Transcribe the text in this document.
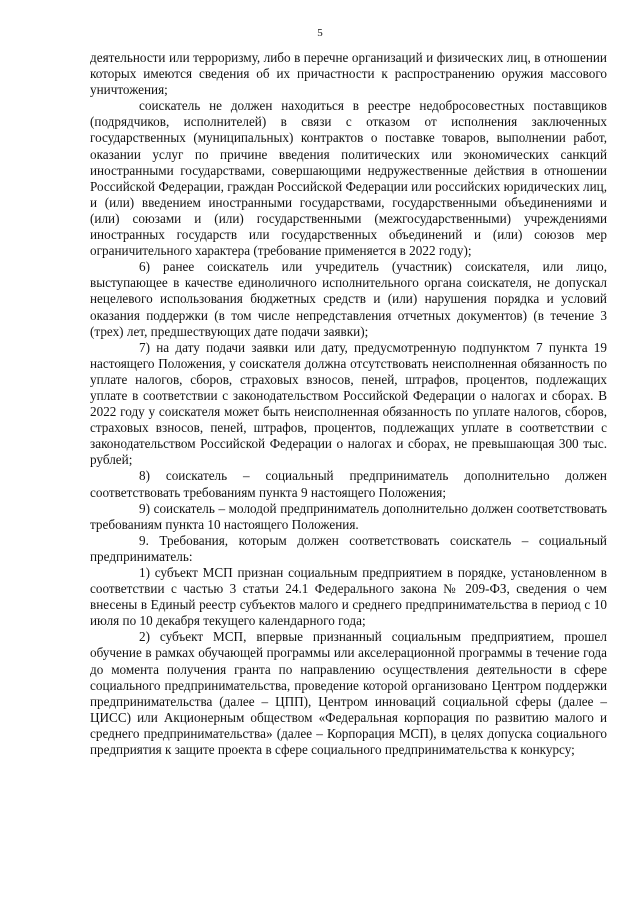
5

деятельности или терроризму, либо в перечне организаций и физических лиц, в отношении которых имеются сведения об их причастности к распространению оружия массового уничтожения;

соискатель не должен находиться в реестре недобросовестных поставщиков (подрядчиков, исполнителей) в связи с отказом от исполнения заключенных государственных (муниципальных) контрактов о поставке товаров, выполнении работ, оказании услуг по причине введения политических или экономических санкций иностранными государствами, совершающими недружественные действия в отношении Российской Федерации, граждан Российской Федерации или российских юридических лиц, и (или) введением иностранными государствами, государственными объединениями и (или) союзами и (или) государственными (межгосударственными) учреждениями иностранных государств или государственных объединений и (или) союзов мер ограничительного характера (требование применяется в 2022 году);

6) ранее соискатель или учредитель (участник) соискателя, или лицо, выступающее в качестве единоличного исполнительного органа соискателя, не допускал нецелевого использования бюджетных средств и (или) нарушения порядка и условий оказания поддержки (в том числе непредставления отчетных документов) (в течение 3 (трех) лет, предшествующих дате подачи заявки);

7) на дату подачи заявки или дату, предусмотренную подпунктом 7 пункта 19 настоящего Положения, у соискателя должна отсутствовать неисполненная обязанность по уплате налогов, сборов, страховых взносов, пеней, штрафов, процентов, подлежащих уплате в соответствии с законодательством Российской Федерации о налогах и сборах. В 2022 году у соискателя может быть неисполненная обязанность по уплате налогов, сборов, страховых взносов, пеней, штрафов, процентов, подлежащих уплате в соответствии с законодательством Российской Федерации о налогах и сборах, не превышающая 300 тыс. рублей;

8) соискатель – социальный предприниматель дополнительно должен соответствовать требованиям пункта 9 настоящего Положения;

9) соискатель – молодой предприниматель дополнительно должен соответствовать требованиям пункта 10 настоящего Положения.

9. Требования, которым должен соответствовать соискатель – социальный предприниматель:

1) субъект МСП признан социальным предприятием в порядке, установленном в соответствии с частью 3 статьи 24.1 Федерального закона № 209-ФЗ, сведения о чем внесены в Единый реестр субъектов малого и среднего предпринимательства в период с 10 июля по 10 декабря текущего календарного года;

2) субъект МСП, впервые признанный социальным предприятием, прошел обучение в рамках обучающей программы или акселерационной программы в течение года до момента получения гранта по направлению осуществления деятельности в сфере социального предпринимательства, проведение которой организовано Центром поддержки предпринимательства (далее – ЦПП), Центром инноваций социальной сферы (далее – ЦИСС) или Акционерным обществом «Федеральная корпорация по развитию малого и среднего предпринимательства» (далее – Корпорация МСП), в целях допуска социального предприятия к защите проекта в сфере социального предпринимательства к конкурсу;
